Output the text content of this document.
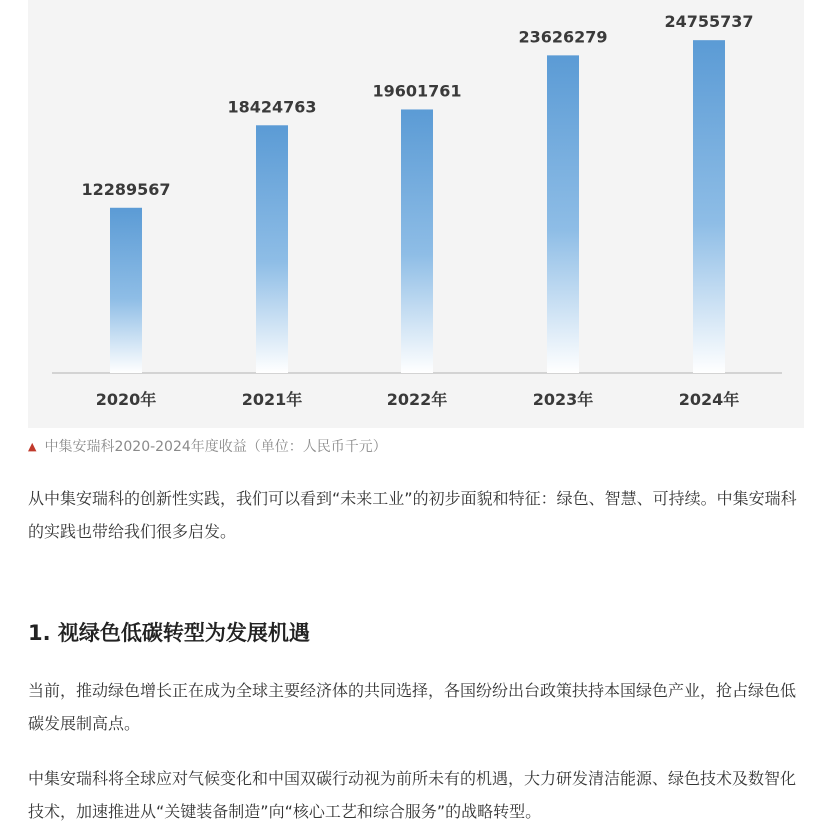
12289567
18424763
19601761
23626279
24755737
2020年	2021年	2022年	2023年	2024年
▲ 中集安瑞科2020-2024年度收益（单位：人民币千元）

从中集安瑞科的创新性实践，我们可以看到“未来工业”的初步面貌和特征：绿色、智慧、可持续。中集安瑞科的实践也带给我们很多启发。

1. 视绿色低碳转型为发展机遇

当前，推动绿色增长正在成为全球主要经济体的共同选择，各国纷纷出台政策扶持本国绿色产业，抢占绿色低碳发展制高点。

中集安瑞科将全球应对气候变化和中国双碳行动视为前所未有的机遇，大力研发清洁能源、绿色技术及数智化技术，加速推进从“关键装备制造”向“核心工艺和综合服务”的战略转型。
